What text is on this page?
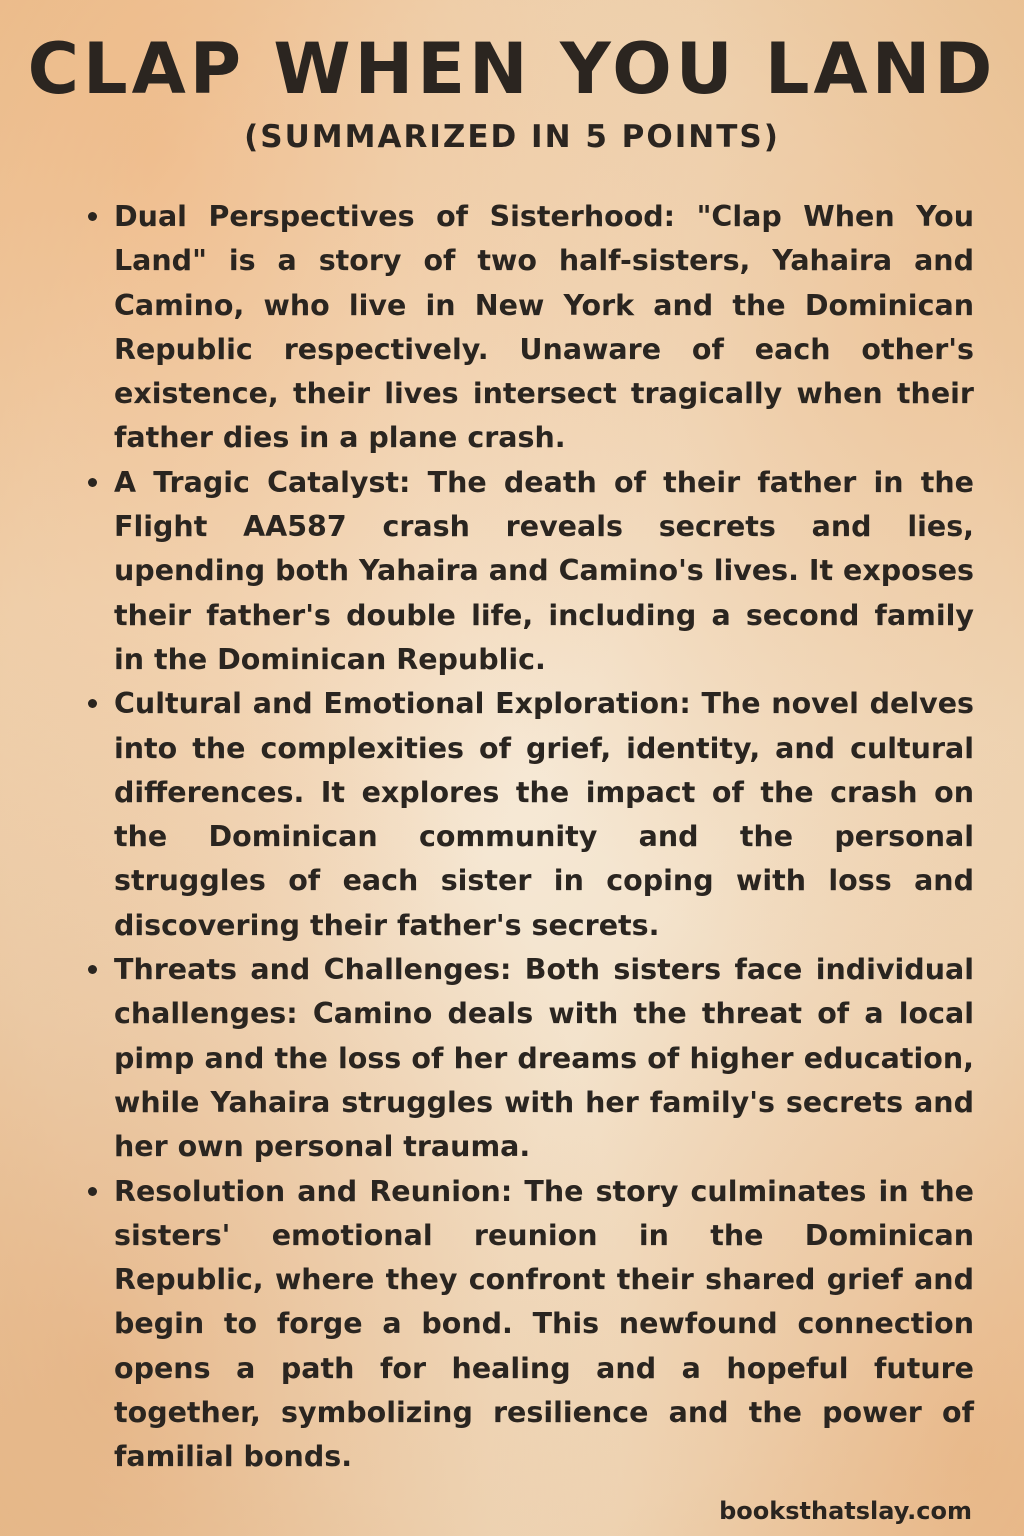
CLAP WHEN YOU LAND
(SUMMARIZED IN 5 POINTS)
Dual Perspectives of Sisterhood: "Clap When You Land" is a story of two half-sisters, Yahaira and Camino, who live in New York and the Dominican Republic respectively. Unaware of each other's existence, their lives intersect tragically when their father dies in a plane crash.
A Tragic Catalyst: The death of their father in the Flight AA587 crash reveals secrets and lies, upending both Yahaira and Camino's lives. It exposes their father's double life, including a second family in the Dominican Republic.
Cultural and Emotional Exploration: The novel delves into the complexities of grief, identity, and cultural differences. It explores the impact of the crash on the Dominican community and the personal struggles of each sister in coping with loss and discovering their father's secrets.
Threats and Challenges: Both sisters face individual challenges: Camino deals with the threat of a local pimp and the loss of her dreams of higher education, while Yahaira struggles with her family's secrets and her own personal trauma.
Resolution and Reunion: The story culminates in the sisters' emotional reunion in the Dominican Republic, where they confront their shared grief and begin to forge a bond. This newfound connection opens a path for healing and a hopeful future together, symbolizing resilience and the power of familial bonds.
booksthatslay.com
